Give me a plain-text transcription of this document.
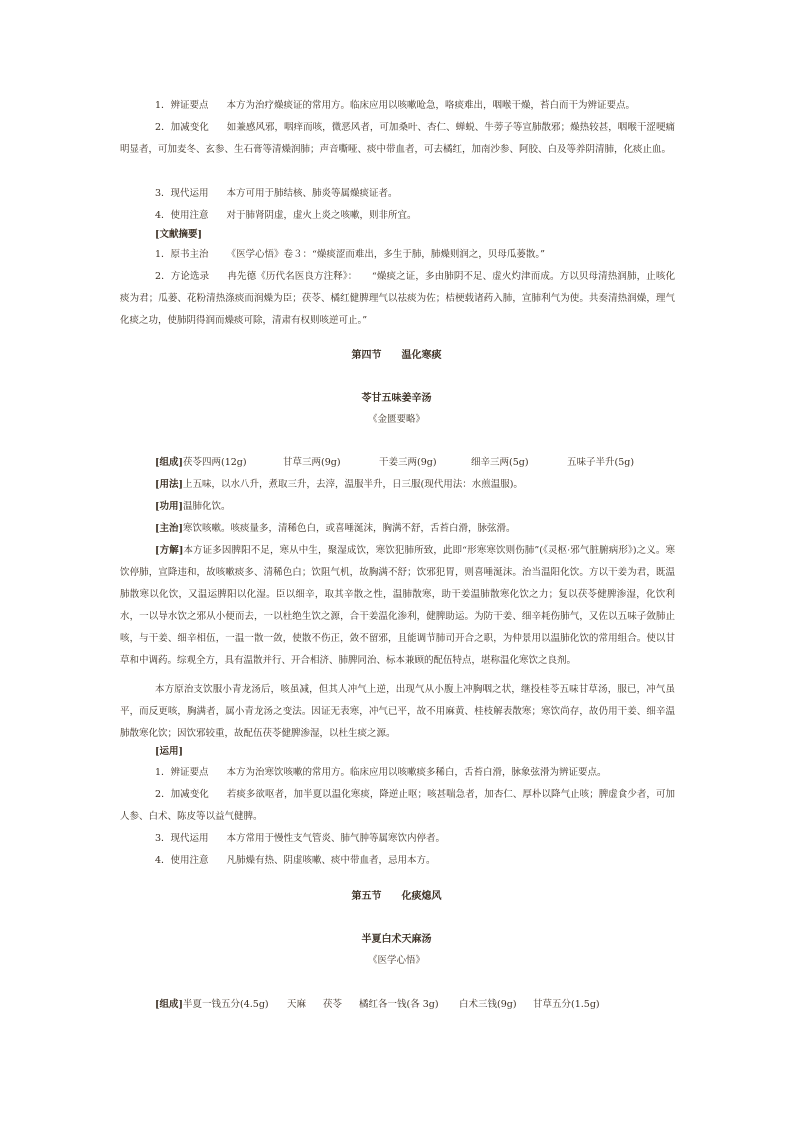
1．辨证要点 本方为治疗燥痰证的常用方。临床应用以咳嗽呛急，咯痰难出，咽喉干燥，苔白而干为辨证要点。

2．加减变化 如兼感风邪，咽痒而咳，微恶风者，可加桑叶、杏仁、蝉蜕、牛蒡子等宣肺散邪；燥热较甚，咽喉干涩哽痛明显者，可加麦冬、玄参、生石膏等清燥润肺；声音嘶哑、痰中带血者，可去橘红，加南沙参、阿胶、白及等养阴清肺，化痰止血。

3．现代运用 本方可用于肺结核、肺炎等属燥痰证者。

4．使用注意 对于肺肾阴虚，虚火上炎之咳嗽，则非所宜。

[文献摘要]

1．原书主治 《医学心悟》卷３：“燥痰涩而难出，多生于肺，肺燥则润之，贝母瓜蒌散。”

2．方论选录 冉先德《历代名医良方注释》：　　“燥痰之证，多由肺阴不足、虚火灼津而成。方以贝母清热润肺，止咳化痰为君；瓜蒌、花粉清热涤痰而润燥为臣；茯苓、橘红健脾理气以祛痰为佐；桔梗载诸药入肺，宣肺利气为使。共奏清热润燥，理气化痰之功，使肺阴得润而燥痰可除，清肃有权则咳逆可止。”

第四节　　温化寒痰
苓甘五味姜辛汤
《金匮要略》
[组成]茯苓四两(12g)	甘草三两(9g)	干姜三两(9g)	细辛三两(5g)	五味子半升(5g)
[用法]上五味，以水八升，煮取三升，去滓，温服半升，日三服(现代用法：水煎温服)。
[功用]温肺化饮。
[主治]寒饮咳嗽。咳痰量多，清稀色白，或喜唾涎沫，胸满不舒，舌苔白滑，脉弦滑。

[方解]本方证多因脾阳不足，寒从中生，聚湿成饮，寒饮犯肺所致，此即“形寒寒饮则伤肺”(《灵枢·邪气脏腑病形》)之义。寒饮停肺，宣降违和，故咳嗽痰多、清稀色白；饮阻气机，故胸满不舒；饮邪犯胃，则喜唾涎沫。治当温阳化饮。方以干姜为君，既温肺散寒以化饮，又温运脾阳以化湿。臣以细辛，取其辛散之性，温肺散寒，助干姜温肺散寒化饮之力；复以茯苓健脾渗湿，化饮利水，一以导水饮之邪从小便而去，一以杜绝生饮之源，合干姜温化渗利，健脾助运。为防干姜、细辛耗伤肺气，又佐以五味子敛肺止咳，与干姜、细辛相伍，一温一散一敛，使散不伤正，敛不留邪，且能调节肺司开合之职，为仲景用以温肺化饮的常用组合。使以甘草和中调药。综观全方，具有温散并行、开合相济、肺脾同治、标本兼顾的配伍特点，堪称温化寒饮之良剂。

本方原治支饮服小青龙汤后，咳虽减，但其人冲气上逆，出现气从小腹上冲胸咽之状，继投桂苓五味甘草汤，服已，冲气虽平，而反更咳，胸满者，属小青龙汤之变法。因证无表寒，冲气已平，故不用麻黄、桂枝解表散寒；寒饮尚存，故仍用干姜、细辛温肺散寒化饮；因饮邪较重，故配伍茯苓健脾渗湿，以杜生痰之源。

[运用]

1．辨证要点 本方为治寒饮咳嗽的常用方。临床应用以咳嗽痰多稀白，舌苔白滑，脉象弦滑为辨证要点。

2．加减变化 若痰多欲呕者，加半夏以温化寒痰，降逆止呕；咳甚喘急者，加杏仁、厚朴以降气止咳；脾虚食少者，可加人参、白术、陈皮等以益气健脾。

3．现代运用 本方常用于慢性支气管炎、肺气肿等属寒饮内停者。

4．使用注意 凡肺燥有热、阴虚咳嗽、痰中带血者，忌用本方。

第五节　　化痰熄风
半夏白术天麻汤
《医学心悟》
[组成]半夏一钱五分(4.5g) 天麻 茯苓 橘红各一钱(各 3g) 白术三钱(9g) 甘草五分(1.5g)
